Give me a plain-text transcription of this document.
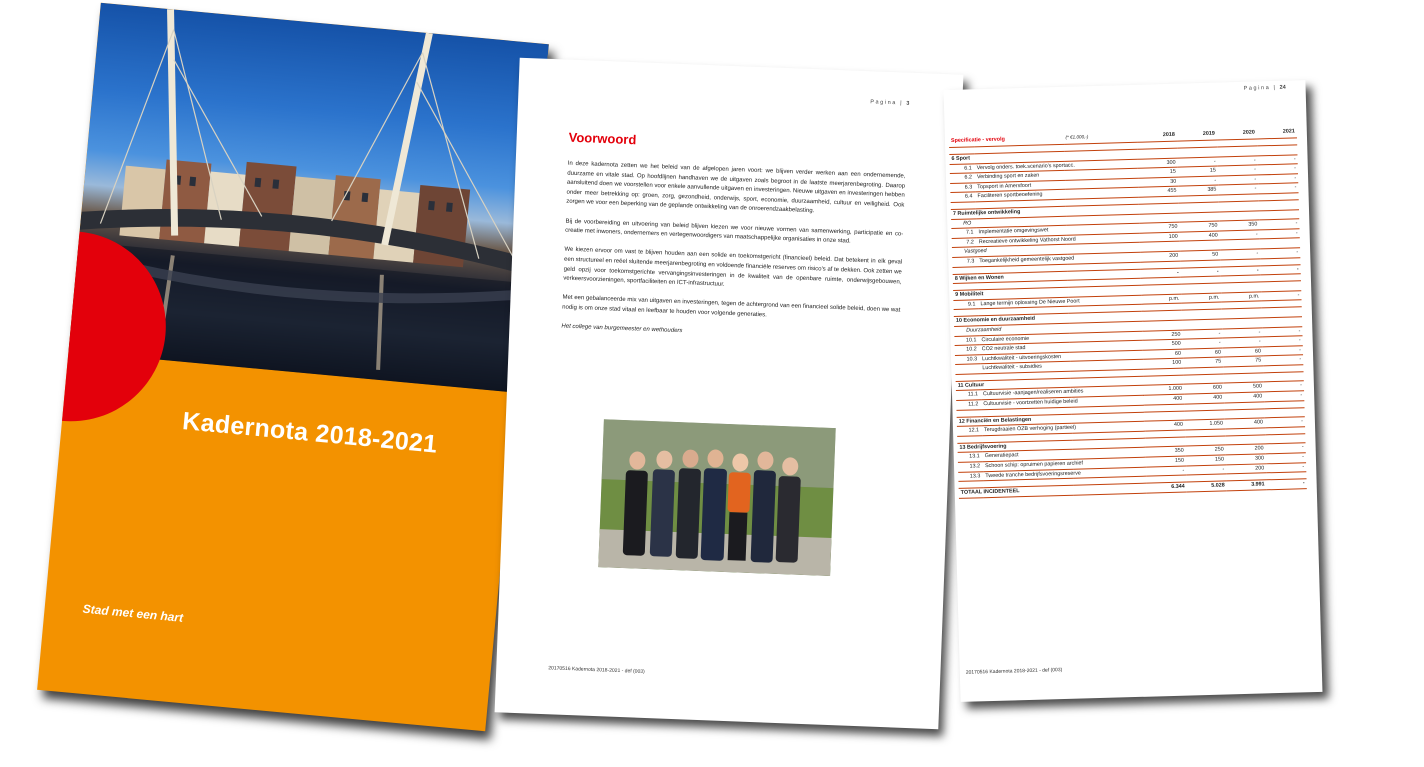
Kadernota 2018-2021
Stad met een hart
Pagina | 3
Voorwoord

In deze kadernota zetten we het beleid van de afgelopen jaren voort: we blijven verder werken aan een ondernemende, duurzame en vitale stad. Op hoofdlijnen handhaven we de uitgaven zoals begroot in de laatste meerjarenbegroting. Daarop aansluitend doen we voorstellen voor enkele aanvullende uitgaven en investeringen. Nieuwe uitgaven en investeringen hebben onder meer betrekking op: groen, zorg, gezondheid, onderwijs, sport, economie, duurzaamheid, cultuur en veiligheid. Ook zorgen we voor een beperking van de geplande ontwikkeling van de onroerendzaakbelasting.

Bij de voorbereiding en uitvoering van beleid blijven kiezen we voor nieuwe vormen van samenwerking, participatie en co-creatie met inwoners, ondernemers en vertegenwoordigers van maatschappelijke organisaties in onze stad.

We kiezen ervoor om vast te blijven houden aan een solide en toekomstgericht (financieel) beleid. Dat betekent in elk geval een structureel en reëel sluitende meerjarenbegroting en voldoende financiële reserves om risico's af te dekken. Ook zetten we geld opzij voor toekomstgerichte vervangingsinvesteringen in de kwaliteit van de openbare ruimte, onderwijsgebouwen, verkeersvoorzieningen, sportfaciliteiten en ICT-infrastructuur.

Met een gebalanceerde mix van uitgaven en investeringen, tegen de achtergrond van een financieel solide beleid, doen we wat nodig is om onze stad vitaal en leefbaar te houden voor volgende generaties.

Het college van burgemeester en wethouders

20170516 Kadernota 2018-2021 - def (003)
Pagina | 24
Specificatie - vervolg		(* €1.000,-)	2018	2019	2020	2021

6 Sport						
6.1	Vervolg onders. toek.scenario's sportacc.		300	-	-	-
6.2	Verbinding sport en zaken		15	15	-	-
6.3	Topsport in Amersfoort		30	-	-	-
6.4	Faciliteren sportbeoefening		455	385	-	-

7 Ruimtelijke ontwikkeling						
RO						
7.1	Implementatie omgevingswet		750	750	350	-
7.2	Recreatieve ontwikkeling Vathorst Noord		100	400	-	-
Vastgoed						
7.3	Toegankelijkheid gemeentelijk vastgoed		200	50	-	-

8 Wijken en Wonen			-	-	-	-

9 Mobiliteit						
9.1	Lange termijn oplossing De Nieuwe Poort		p.m.	p.m.	p.m.	-

10 Economie en duurzaamheid						
Duurzaamheid						
10.1	Circulaire economie		250	-	-	-
10.2	CO2 neutrale stad		500	-	-	-
10.3	Luchtkwaliteit - uitvoeringskosten		60	60	60	-
	Luchtkwaliteit - subsidies		100	75	75	-

11 Cultuur						
11.1	Cultuurvisie -aanjagen/realiseren ambities		1.000	600	500	-
11.2	Cultuurvisie - voortzetten huidige beleid		400	400	400	-

12 Financiën en Belastingen						
12.1	Terugdraaien OZB verhoging (partieel)		400	1.050	400	-

13 Bedrijfsvoering						
13.1	Generatiepact		350	250	200	-
13.2	Schoon schip: opruimen papieren archief		150	150	300	-
13.3	Tweede tranche bedrijfsvoeringsreserve		-	-	200	-

TOTAAL INCIDENTEEL			6.344	5.028	3.991	-
20170516 Kadernota 2018-2021 - def (003)
